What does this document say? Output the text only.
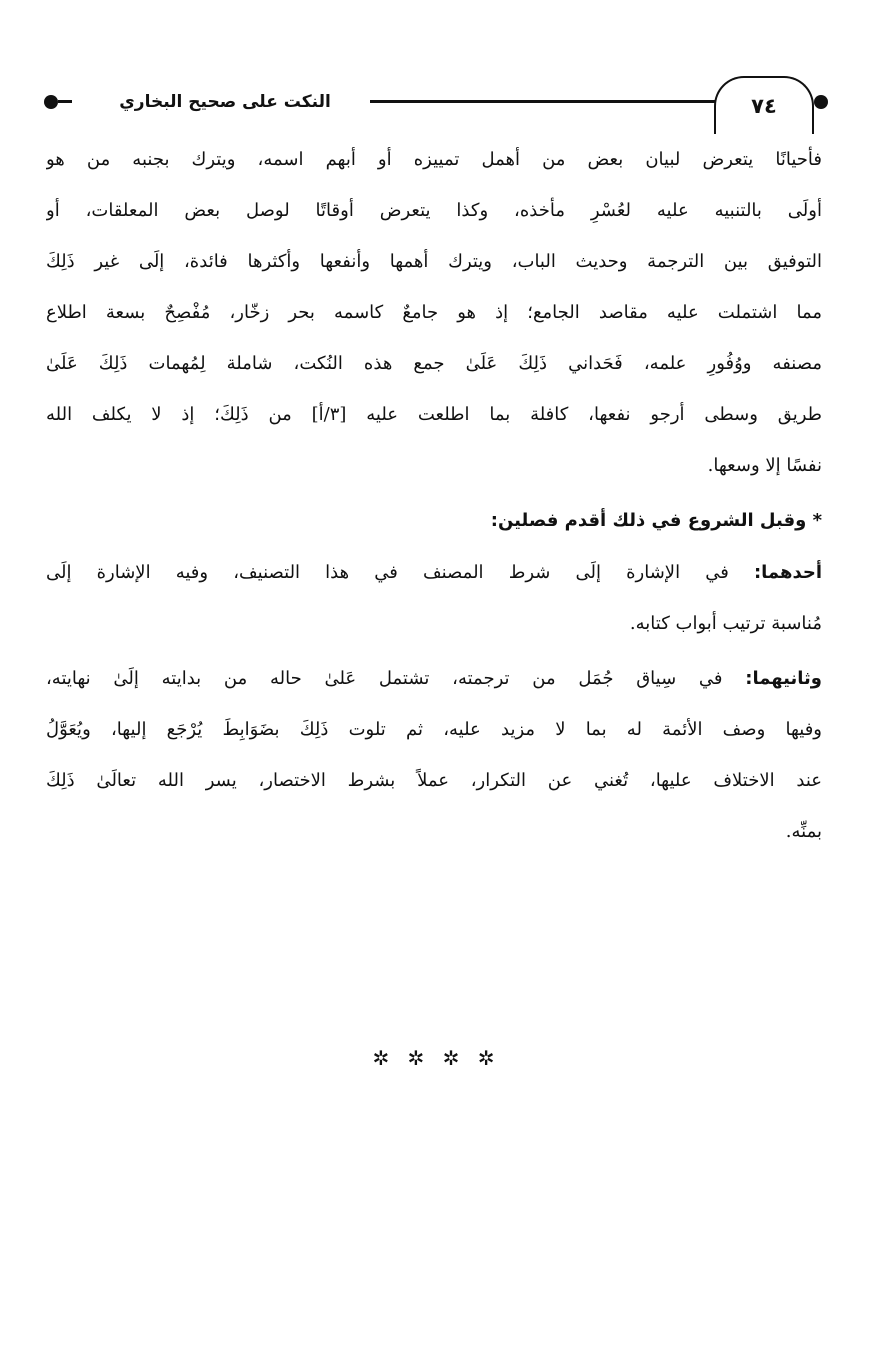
النكت على صحيح البخاري	٧٤
فأحيانًا يتعرض لبيان بعض من أهمل تمييزه أو أبهم اسمه، ويترك بجنبه من هو
أولَى بالتنبيه عليه لعُسْرِ مأخذه، وكذا يتعرض أوقاتًا لوصل بعض المعلقات، أو
التوفيق بين الترجمة وحديث الباب، ويترك أهمها وأنفعها وأكثرها فائدة، إلَى غير ذَلِكَ
مما اشتملت عليه مقاصد الجامع؛ إذ هو جامعٌ كاسمه بحر زخّار، مُفْصِحٌ بسعة اطلاع
مصنفه ووُفُورِ علمه، فَحَداني ذَلِكَ عَلَىٰ جمع هذه النُكت، شاملة لِمُهمات ذَلِكَ عَلَىٰ
طريق وسطى أرجو نفعها، كافلة بما اطلعت عليه [٣/أ] من ذَلِكَ؛ إذ لا يكلف الله
نفسًا إلا وسعها.
* وقبل الشروع في ذلك أقدم فصلين:
أحدهما: في الإشارة إلَى شرط المصنف في هذا التصنيف، وفيه الإشارة إلَى
مُناسبة ترتيب أبواب كتابه.
وثانيهما: في سِياق جُمَل من ترجمته، تشتمل عَلىٰ حاله من بدايته إلَىٰ نهايته،
وفيها وصف الأئمة له بما لا مزيد عليه، ثم تلوت ذَلِكَ بضَوَابِطَ يُرْجَع إليها، ويُعَوَّلُ
عند الاختلاف عليها، تُغني عن التكرار، عملاً بشرط الاختصار، يسر الله تعالَىٰ ذَلِكَ
بمنِّه.
✲ ✲ ✲ ✲
